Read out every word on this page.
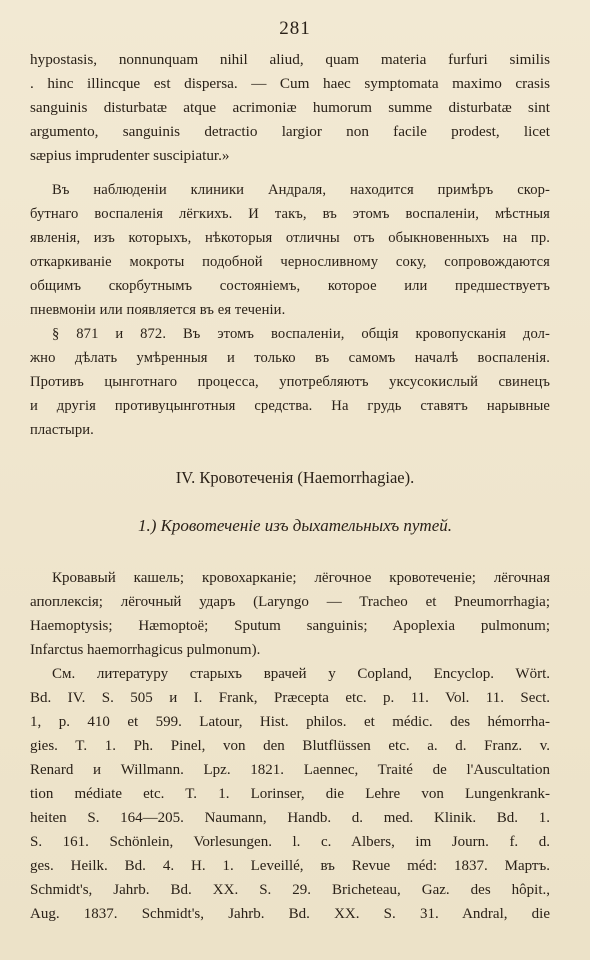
281
hypostasis, nonnunquam nihil aliud, quam materia furfuri similis
. hinc illincque est dispersa. — Cum haec symptomata maximo crasis
sanguinis disturbatæ atque acrimoniæ humorum summe disturbatæ sint
argumento, sanguinis detractio largior non facile prodest, licet
sæpius imprudenter suscipiatur.»
Въ наблюденіи клиники Андраля, находится примѣръ скор-
бутнаго воспаленія лёгкихъ. И такъ, въ этомъ воспаленіи, мѣстныя
явленія, изъ которыхъ, нѣкоторыя отличны отъ обыкновенныхъ на пр.
откаркиваніе мокроты подобной черносливному соку, сопровождаются
общимъ скорбутнымъ состояніемъ, которое или предшествуетъ
пневмоніи или появляется въ ея теченіи.
§ 871 и 872. Въ этомъ воспаленіи, общія кровопусканія дол-
жно дѣлать умѣренныя и только въ самомъ началѣ воспаленія.
Противъ цынготнаго процесса, употребляютъ уксусокислый свинецъ
и другія противуцынготныя средства. На грудь ставятъ нарывные
пластыри.
IV. Кровотеченія (Haemorrhagiae).
1.) Кровотеченіе изъ дыхательныхъ путей.
Кровавый кашель; кровохарканіе; лёгочное кровотеченіе; лёгочная
апоплексія; лёгочный ударъ (Laryngo — Tracheo et Pneumorrhagia;
Haemoptysis; Hæmoptoë; Sputum sanguinis; Apoplexia pulmonum;
Infarctus haemorrhagicus pulmonum).
См. литературу старыхъ врачей у Copland, Encyclop. Wört.
Bd. IV. S. 505 и I. Frank, Præcepta etc. p. 11. Vol. 11. Sect.
1, p. 410 et 599. Latour, Hist. philos. et médic. des hémorrha-
gies. T. 1. Ph. Pinel, von den Blutflüssen etc. a. d. Franz. v.
Renard и Willmann. Lpz. 1821. Laennec, Traité de l'Auscultation
tion médiate etc. T. 1. Lorinser, die Lehre von Lungenkrank-
heiten S. 164—205. Naumann, Handb. d. med. Klinik. Bd. 1.
S. 161. Schönlein, Vorlesungen. l. c. Albers, im Journ. f. d.
ges. Heilk. Bd. 4. H. 1. Leveillé, въ Revue méd: 1837. Мартъ.
Schmidt's, Jahrb. Bd. XX. S. 29. Bricheteau, Gaz. des hôpit.,
Aug. 1837. Schmidt's, Jahrb. Bd. XX. S. 31. Andral, die
